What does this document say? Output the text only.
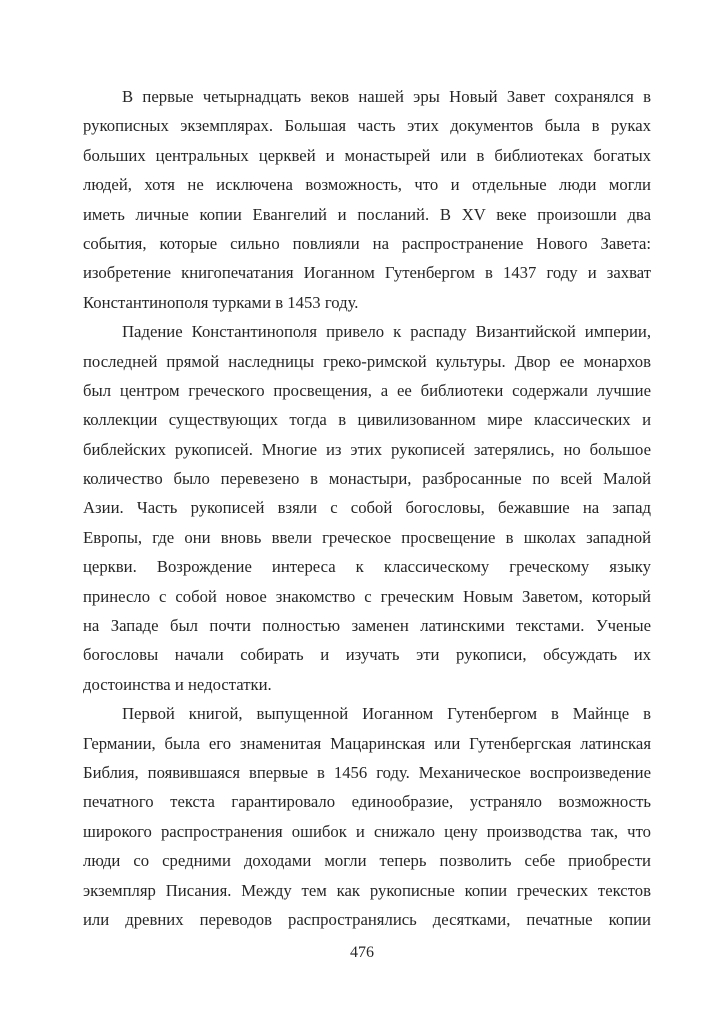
В первые четырнадцать веков нашей эры Новый Завет сохранялся в
рукописных экземплярах. Большая часть этих документов была в руках
больших центральных церквей и монастырей или в библиотеках богатых
людей, хотя не исключена возможность, что и отдельные люди могли
иметь личные копии Евангелий и посланий. В XV веке произошли два
события, которые сильно повлияли на распространение Нового Завета:
изобретение книгопечатания Иоганном Гутенбергом в 1437 году и захват
Константинополя турками в 1453 году.
Падение Константинополя привело к распаду Византийской империи,
последней прямой наследницы греко-римской культуры. Двор ее монархов
был центром греческого просвещения, а ее библиотеки содержали лучшие
коллекции существующих тогда в цивилизованном мире классических и
библейских рукописей. Многие из этих рукописей затерялись, но большое
количество было перевезено в монастыри, разбросанные по всей Малой
Азии. Часть рукописей взяли с собой богословы, бежавшие на запад
Европы, где они вновь ввели греческое просвещение в школах западной
церкви. Возрождение интереса к классическому греческому языку
принесло с собой новое знакомство с греческим Новым Заветом, который
на Западе был почти полностью заменен латинскими текстами. Ученые
богословы начали собирать и изучать эти рукописи, обсуждать их
достоинства и недостатки.
Первой книгой, выпущенной Иоганном Гутенбергом в Майнце в
Германии, была его знаменитая Мацаринская или Гутенбергская латинская
Библия, появившаяся впервые в 1456 году. Механическое воспроизведение
печатного текста гарантировало единообразие, устраняло возможность
широкого распространения ошибок и снижало цену производства так, что
люди со средними доходами могли теперь позволить себе приобрести
экземпляр Писания. Между тем как рукописные копии греческих текстов
или древних переводов распространялись десятками, печатные копии
476
